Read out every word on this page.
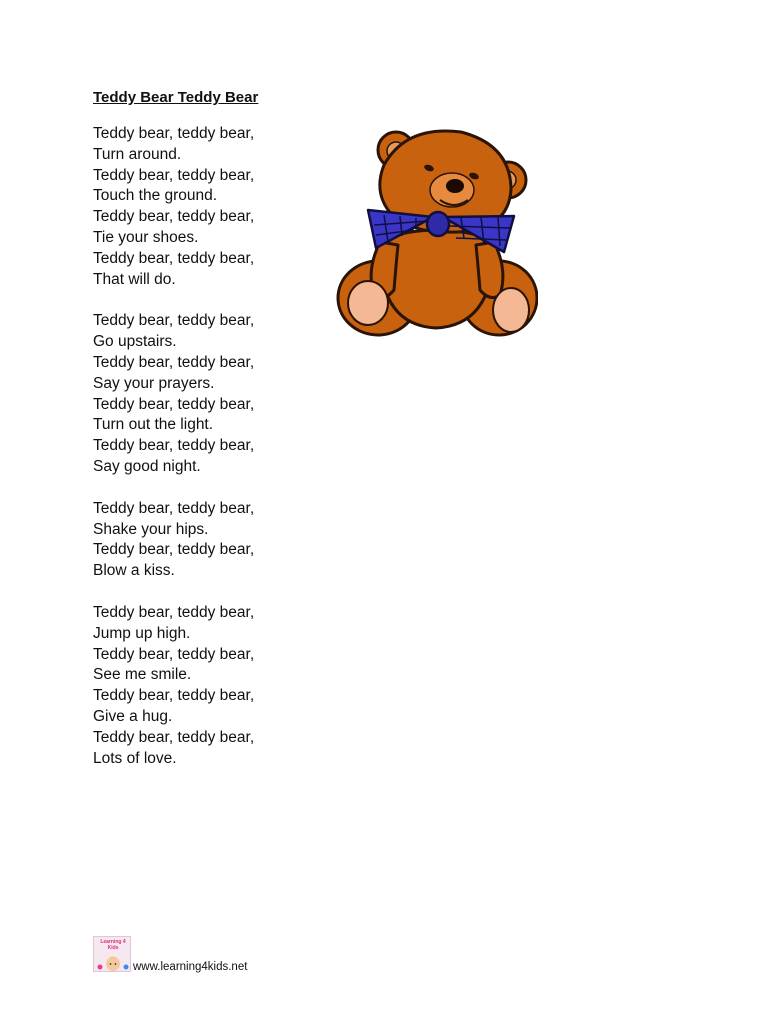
Teddy Bear Teddy Bear
Teddy bear, teddy bear,
Turn around.
Teddy bear, teddy bear,
Touch the ground.
Teddy bear, teddy bear,
Tie your shoes.
Teddy bear, teddy bear,
That will do.
Teddy bear, teddy bear,
Go upstairs.
Teddy bear, teddy bear,
Say your prayers.
Teddy bear, teddy bear,
Turn out the light.
Teddy bear, teddy bear,
Say good night.
Teddy bear, teddy bear,
Shake your hips.
Teddy bear, teddy bear,
Blow a kiss.
Teddy bear, teddy bear,
Jump up high.
Teddy bear, teddy bear,
See me smile.
Teddy bear, teddy bear,
Give a hug.
Teddy bear, teddy bear,
Lots of love.
Learning 4 Kids
www.learning4kids.net
